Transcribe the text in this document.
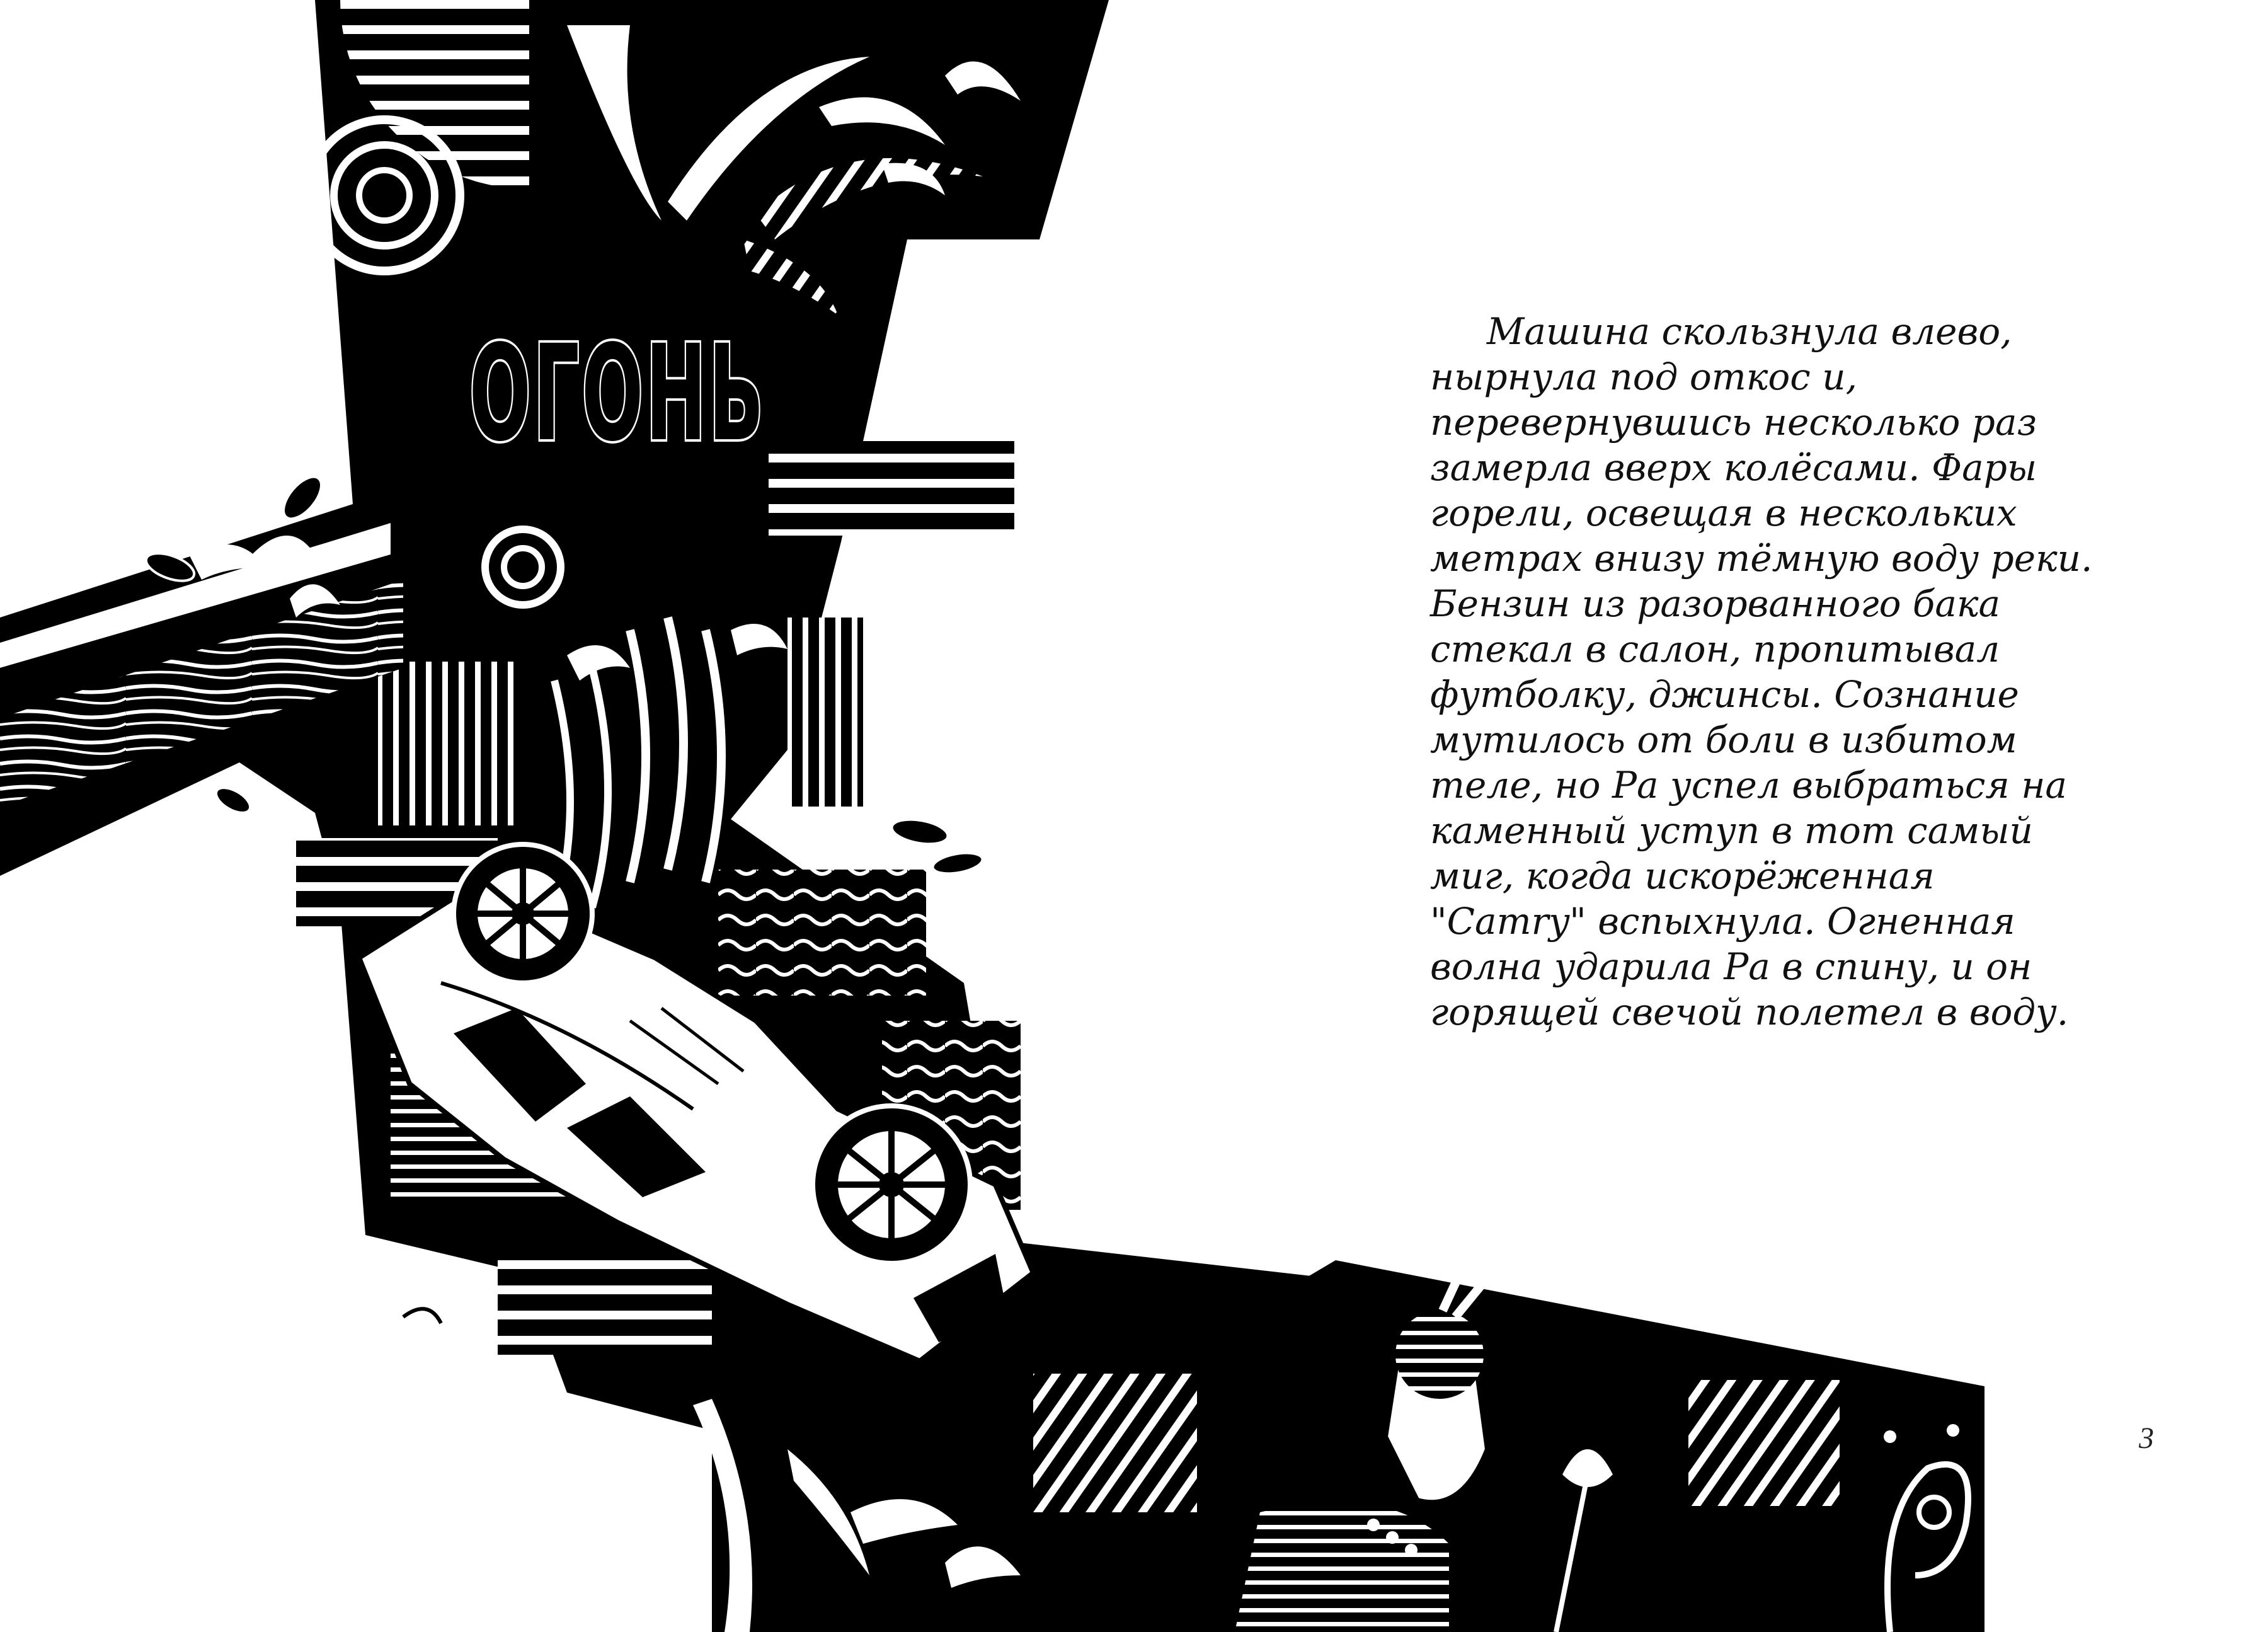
ОГОНЬ	Машина скользнула влево, нырнула под откос и, перевернувшись несколько раз замерла вверх колёсами. Фары горели, освещая в нескольких метрах внизу тёмную воду реки. Бензин из разорванного бака стекал в салон, пропитывал футболку, джинсы. Сознание мутилось от боли в избитом теле, но Ра успел выбраться на каменный уступ в тот самый миг, когда искорёженная "Camry" вспыхнула. Огненная волна ударила Ра в спину, и он горящей свечой полетел в воду.

3
